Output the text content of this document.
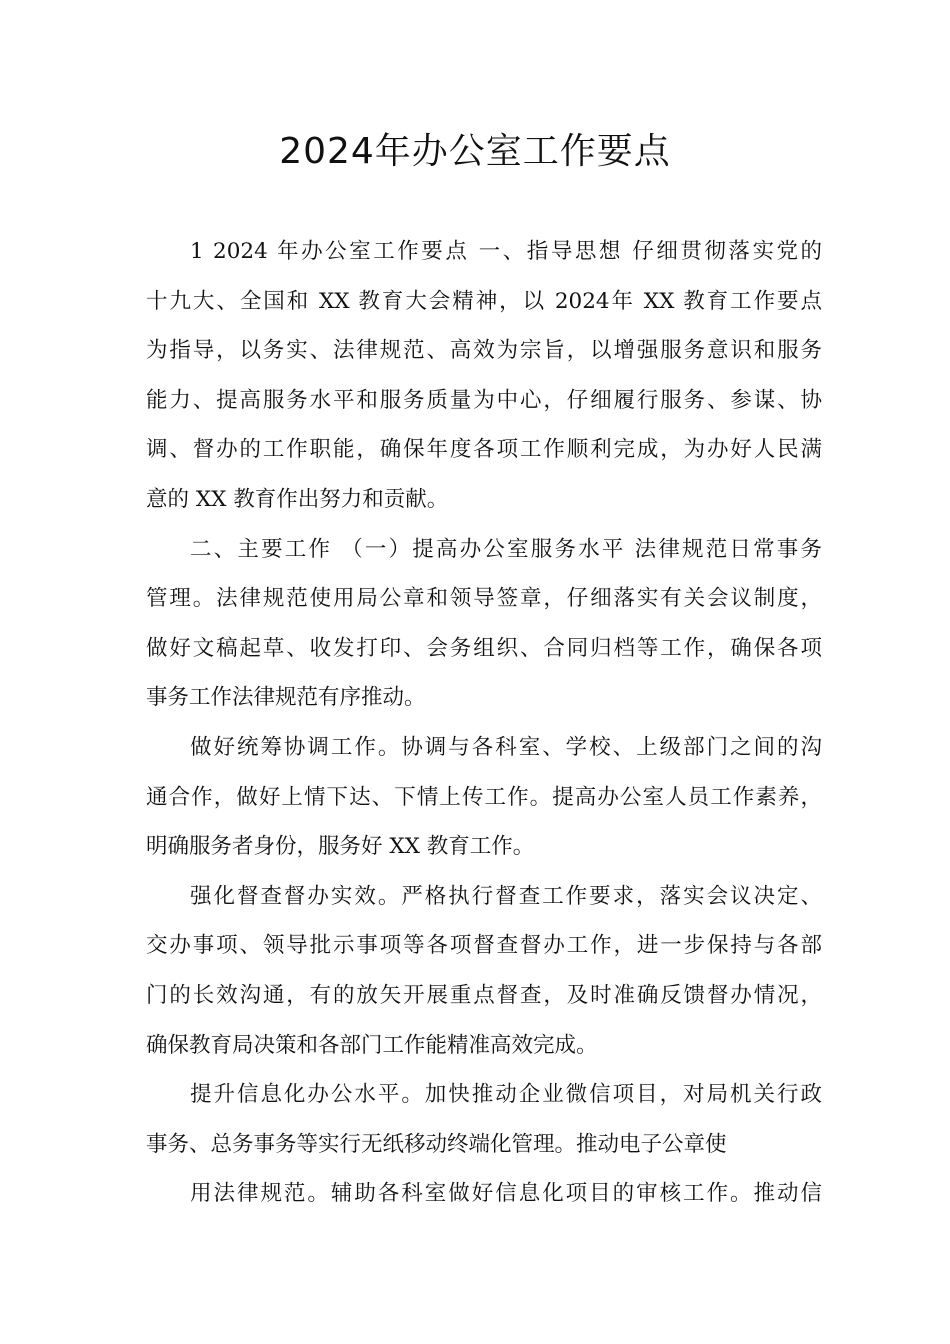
2024年办公室工作要点
1 2024 年办公室工作要点 一、指导思想 仔细贯彻落实党的
十九大、全国和 XX 教育大会精神，以 2024年 XX 教育工作要点
为指导，以务实、法律规范、高效为宗旨，以增强服务意识和服务
能力、提高服务水平和服务质量为中心，仔细履行服务、参谋、协
调、督办的工作职能，确保年度各项工作顺利完成，为办好人民满
意的 XX 教育作出努力和贡献。
二、主要工作 （一）提高办公室服务水平 法律规范日常事务
管理。法律规范使用局公章和领导签章，仔细落实有关会议制度，
做好文稿起草、收发打印、会务组织、合同归档等工作，确保各项
事务工作法律规范有序推动。
做好统筹协调工作。协调与各科室、学校、上级部门之间的沟
通合作，做好上情下达、下情上传工作。提高办公室人员工作素养，
明确服务者身份，服务好 XX 教育工作。
强化督查督办实效。严格执行督查工作要求，落实会议决定、
交办事项、领导批示事项等各项督查督办工作，进一步保持与各部
门的长效沟通，有的放矢开展重点督查，及时准确反馈督办情况，
确保教育局决策和各部门工作能精准高效完成。
提升信息化办公水平。加快推动企业微信项目，对局机关行政
事务、总务事务等实行无纸移动终端化管理。推动电子公章使
用法律规范。辅助各科室做好信息化项目的审核工作。推动信
